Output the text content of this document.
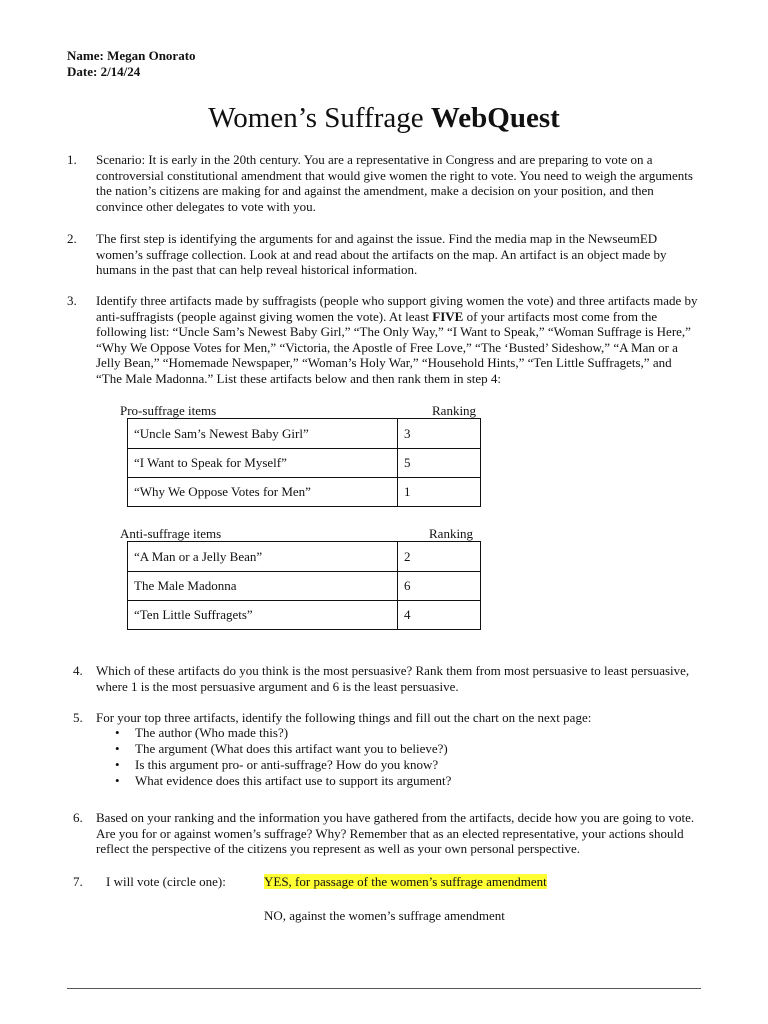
Name: Megan Onorato
Date: 2/14/24
Women’s Suffrage WebQuest
1. Scenario: It is early in the 20th century. You are a representative in Congress and are preparing to vote on a controversial constitutional amendment that would give women the right to vote. You need to weigh the arguments the nation’s citizens are making for and against the amendment, make a decision on your position, and then convince other delegates to vote with you.
2. The first step is identifying the arguments for and against the issue. Find the media map in the NewseumED women’s suffrage collection. Look at and read about the artifacts on the map. An artifact is an object made by humans in the past that can help reveal historical information.
3. Identify three artifacts made by suffragists (people who support giving women the vote) and three artifacts made by anti-suffragists (people against giving women the vote). At least FIVE of your artifacts most come from the following list: “Uncle Sam’s Newest Baby Girl,” “The Only Way,” “I Want to Speak,” “Woman Suffrage is Here,” “Why We Oppose Votes for Men,” “Victoria, the Apostle of Free Love,” “The ‘Busted’ Sideshow,” “A Man or a Jelly Bean,” “Homemade Newspaper,” “Woman’s Holy War,” “Household Hints,” “Ten Little Suffragets,” and “The Male Madonna.” List these artifacts below and then rank them in step 4:
Pro-suffrage items	Ranking
“Uncle Sam’s Newest Baby Girl”	3
“I Want to Speak for Myself”	5
“Why We Oppose Votes for Men”	1
Anti-suffrage items	Ranking
“A Man or a Jelly Bean”	2
The Male Madonna	6
“Ten Little Suffragets”	4
4. Which of these artifacts do you think is the most persuasive? Rank them from most persuasive to least persuasive, where 1 is the most persuasive argument and 6 is the least persuasive.
5. For your top three artifacts, identify the following things and fill out the chart on the next page:
• The author (Who made this?)
• The argument (What does this artifact want you to believe?)
• Is this argument pro- or anti-suffrage? How do you know?
• What evidence does this artifact use to support its argument?
6. Based on your ranking and the information you have gathered from the artifacts, decide how you are going to vote. Are you for or against women’s suffrage? Why? Remember that as an elected representative, your actions should reflect the perspective of the citizens you represent as well as your own personal perspective.
7. I will vote (circle one):	YES, for passage of the women’s suffrage amendment
NO, against the women’s suffrage amendment
